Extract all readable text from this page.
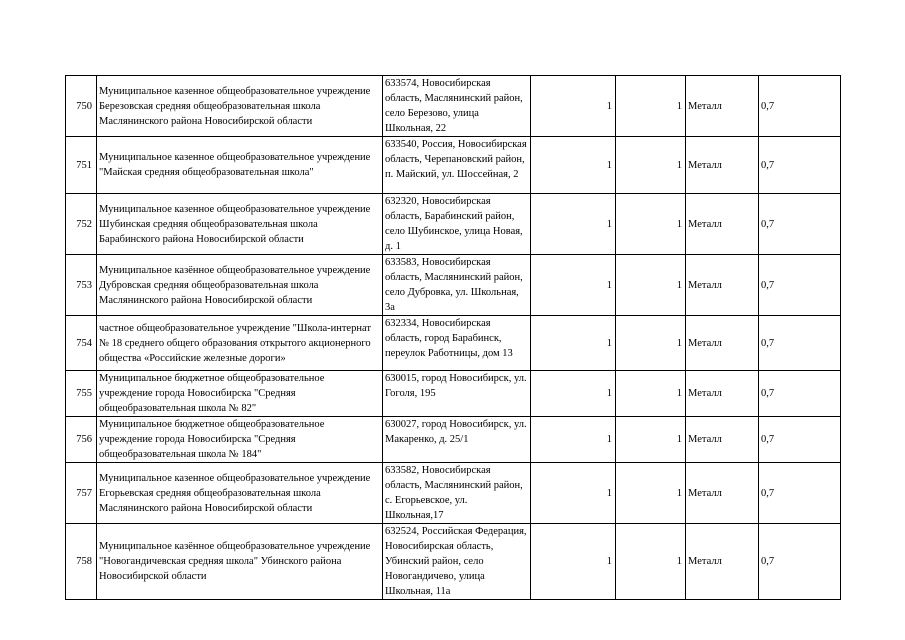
750	Муниципальное казенное общеобразовательное учреждение Березовская средняя общеобразовательная школа Маслянинского района Новосибирской области	633574, Новосибирская область, Маслянинский район, село Березово, улица Школьная, 22	1	1	Металл	0,7
751	Муниципальное казенное общеобразовательное учреждение "Майская средняя общеобразовательная школа"	633540, Россия, Новосибирская область, Черепановский район, п. Майский, ул. Шоссейная, 2	1	1	Металл	0,7
752	Муниципальное казенное общеобразовательное учреждение Шубинская средняя общеобразовательная школа Барабинского района Новосибирской области	632320, Новосибирская область, Барабинский район, село Шубинское, улица Новая, д. 1	1	1	Металл	0,7
753	Муниципальное казённое общеобразовательное учреждение Дубровская средняя общеобразовательная школа Маслянинского района Новосибирской области	633583, Новосибирская область, Маслянинский район, село Дубровка, ул. Школьная, 3а	1	1	Металл	0,7
754	частное общеобразовательное учреждение "Школа-интернат № 18 среднего общего образования открытого акционерного общества «Российские железные дороги»	632334, Новосибирская область, город Барабинск, переулок Работницы, дом 13	1	1	Металл	0,7
755	Муниципальное бюджетное общеобразовательное учреждение города Новосибирска "Средняя общеобразовательная школа № 82"	630015, город Новосибирск, ул. Гоголя, 195	1	1	Металл	0,7
756	Муниципальное бюджетное общеобразовательное учреждение города Новосибирска "Средняя общеобразовательная школа № 184"	630027, город Новосибирск, ул. Макаренко, д. 25/1	1	1	Металл	0,7
757	Муниципальное казенное общеобразовательное учреждение Егорьевская средняя общеобразовательная школа Маслянинского района Новосибирской области	633582, Новосибирская область, Маслянинский район, с. Егорьевское, ул. Школьная,17	1	1	Металл	0,7
758	Муниципальное казённое общеобразовательное учреждение "Новогандичевская средняя школа" Убинского района Новосибирской области	632524, Российская Федерация, Новосибирская область, Убинский район, село Новогандичево, улица Школьная, 11а	1	1	Металл	0,7
